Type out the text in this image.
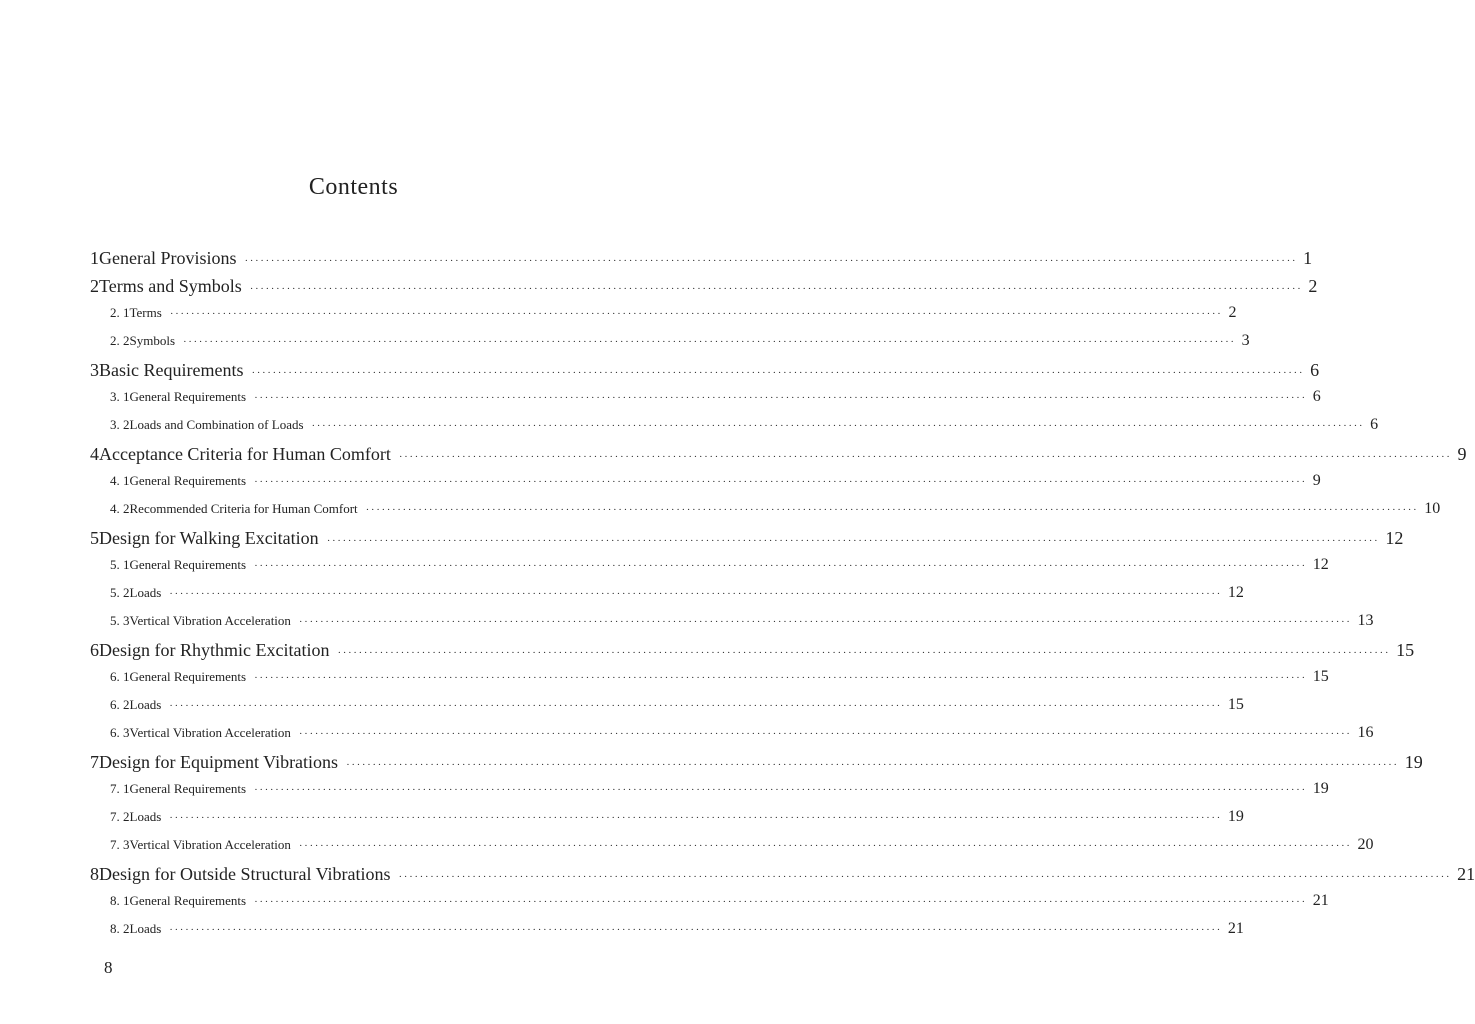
Contents
1 General Provisions ········································································································································································································ 1
2 Terms and Symbols ········································································································································································································ 2
2. 1 Terms ········································································································································································································ 2
2. 2 Symbols ········································································································································································································ 3
3 Basic Requirements ········································································································································································································ 6
3. 1 General Requirements ········································································································································································································ 6
3. 2 Loads and Combination of Loads ········································································································································································································ 6
4 Acceptance Criteria for Human Comfort ········································································································································································································ 9
4. 1 General Requirements ········································································································································································································ 9
4. 2 Recommended Criteria for Human Comfort ········································································································································································································ 10
5 Design for Walking Excitation ········································································································································································································ 12
5. 1 General Requirements ········································································································································································································ 12
5. 2 Loads ········································································································································································································ 12
5. 3 Vertical Vibration Acceleration ········································································································································································································ 13
6 Design for Rhythmic Excitation ········································································································································································································ 15
6. 1 General Requirements ········································································································································································································ 15
6. 2 Loads ········································································································································································································ 15
6. 3 Vertical Vibration Acceleration ········································································································································································································ 16
7 Design for Equipment Vibrations ········································································································································································································ 19
7. 1 General Requirements ········································································································································································································ 19
7. 2 Loads ········································································································································································································ 19
7. 3 Vertical Vibration Acceleration ········································································································································································································ 20
8 Design for Outside Structural Vibrations ········································································································································································································ 21
8. 1 General Requirements ········································································································································································································ 21
8. 2 Loads ········································································································································································································ 21
8
